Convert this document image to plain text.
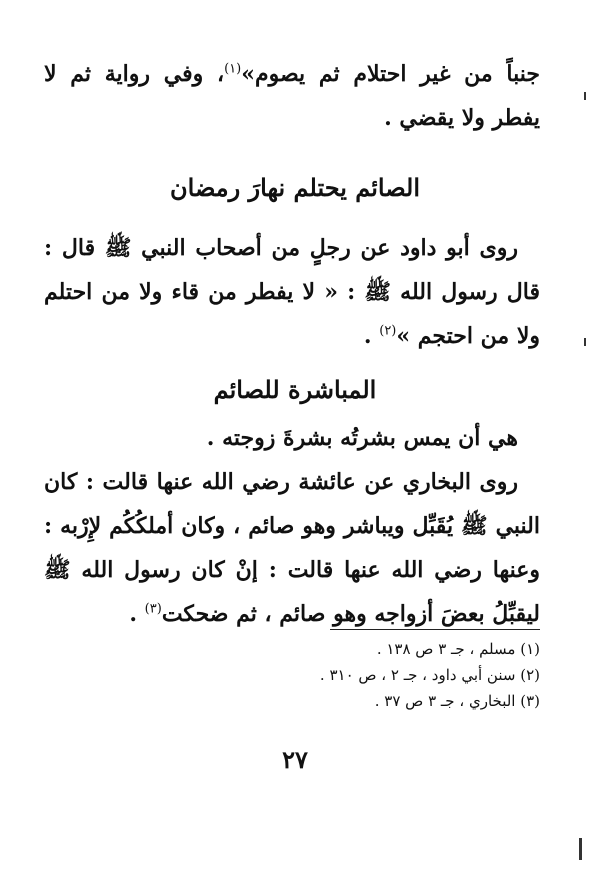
جنباً من غير احتلام ثم يصوم»$^{(١)}$، وفي رواية ثم لا يفطر ولا يقضي .
الصائم يحتلم نهارَ رمضان
روى أبو داود عن رجلٍ من أصحاب النبي ﷺ قال : قال رسول الله ﷺ : « لا يفطر من قاء ولا من احتلم ولا من احتجم »$^{(٢)}$ .
المباشرة للصائم
هي أن يمس بشرتُه بشرةَ زوجته .
روى البخاري عن عائشة رضي الله عنها قالت : كان النبي ﷺ يُقَبِّل ويباشر وهو صائم ، وكان أملكُكُم لإِرْبه : وعنها رضي الله عنها قالت : إنْ كان رسول الله ﷺ ليقبِّلُ بعضَ أزواجه وهو صائم ، ثم ضحكت$^{(٣)}$ .
(١) مسلم ، جـ ٣ ص ١٣٨ .
(٢) سنن أبي داود ، جـ ٢ ، ص ٣١٠ .
(٣) البخاري ، جـ ٣ ص ٣٧ .
٢٧
